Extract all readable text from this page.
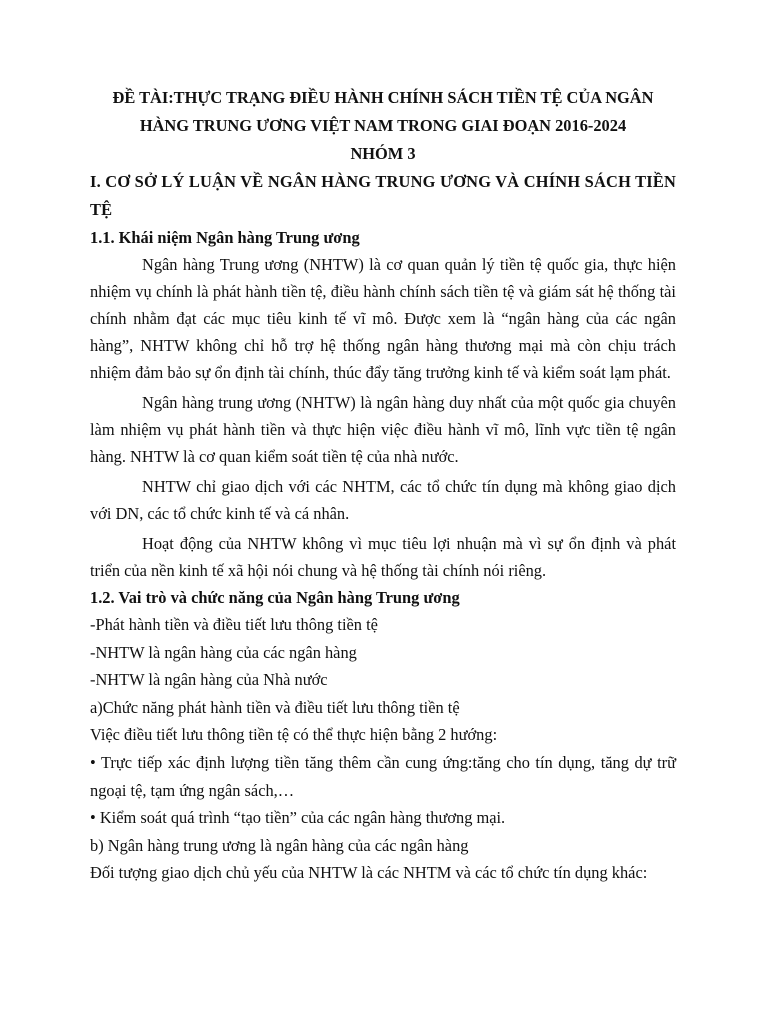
ĐỀ TÀI:THỰC TRẠNG ĐIỀU HÀNH CHÍNH SÁCH TIỀN TỆ CỦA NGÂN

HÀNG TRUNG ƯƠNG VIỆT NAM TRONG GIAI ĐOẠN 2016-2024

NHÓM 3

I. CƠ SỞ LÝ LUẬN VỀ NGÂN HÀNG TRUNG ƯƠNG VÀ CHÍNH SÁCH TIỀN TỆ

1.1. Khái niệm Ngân hàng Trung ương

Ngân hàng Trung ương (NHTW) là cơ quan quản lý tiền tệ quốc gia, thực hiện nhiệm vụ chính là phát hành tiền tệ, điều hành chính sách tiền tệ và giám sát hệ thống tài chính nhằm đạt các mục tiêu kinh tế vĩ mô. Được xem là “ngân hàng của các ngân hàng”, NHTW không chỉ hỗ trợ hệ thống ngân hàng thương mại mà còn chịu trách nhiệm đảm bảo sự ổn định tài chính, thúc đẩy tăng trưởng kinh tế và kiểm soát lạm phát.

Ngân hàng trung ương (NHTW) là ngân hàng duy nhất của một quốc gia chuyên làm nhiệm vụ phát hành tiền và thực hiện việc điều hành vĩ mô, lĩnh vực tiền tệ ngân hàng. NHTW là cơ quan kiểm soát tiền tệ của nhà nước.

NHTW chỉ giao dịch với các NHTM, các tổ chức tín dụng mà không giao dịch với DN, các tổ chức kinh tế và cá nhân.

Hoạt động của NHTW không vì mục tiêu lợi nhuận mà vì sự ổn định và phát triển của nền kinh tế xã hội nói chung và hệ thống tài chính nói riêng.

1.2. Vai trò và chức năng của Ngân hàng Trung ương

-Phát hành tiền và điều tiết lưu thông tiền tệ

-NHTW là ngân hàng của các ngân hàng

-NHTW là ngân hàng của Nhà nước

a)Chức năng phát hành tiền và điều tiết lưu thông tiền tệ

Việc điều tiết lưu thông tiền tệ có thể thực hiện bằng 2 hướng:

• Trực tiếp xác định lượng tiền tăng thêm cần cung ứng:tăng cho tín dụng, tăng dự trữ ngoại tệ, tạm ứng ngân sách,…

• Kiểm soát quá trình “tạo tiền” của các ngân hàng thương mại.

b) Ngân hàng trung ương là ngân hàng của các ngân hàng

Đối tượng giao dịch chủ yếu của NHTW là các NHTM và các tổ chức tín dụng khác:
